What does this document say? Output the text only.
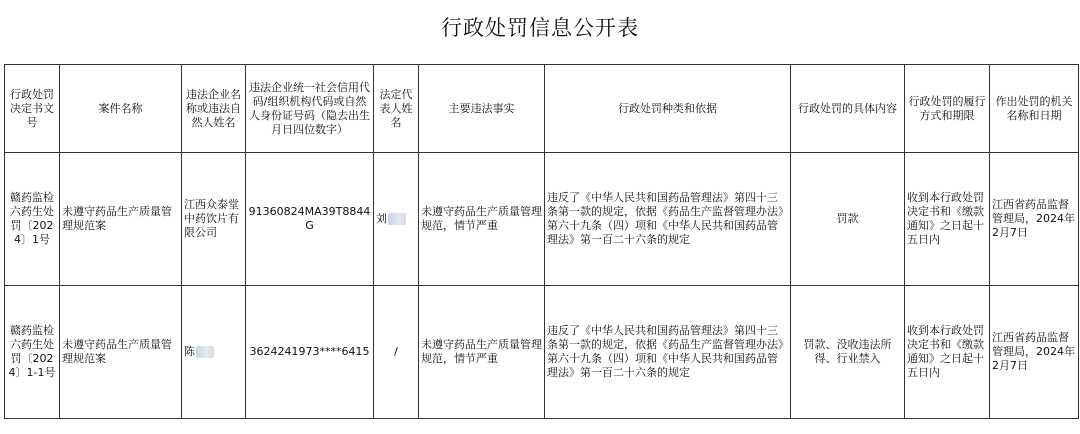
行政处罚信息公开表
行政处罚决定书文号	案件名称	违法企业名称或违法自然人姓名	违法企业统一社会信用代码/组织机构代码或自然人身份证号码（隐去出生月日四位数字）	法定代表人姓名	主要违法事实	行政处罚种类和依据	行政处罚的具体内容	行政处罚的履行方式和期限	作出处罚的机关名称和日期
赣药监检六药生处罚〔2024〕1号	未遵守药品生产质量管理规范案	江西众泰堂中药饮片有限公司	91360824MA39T8844G	刘	未遵守药品生产质量管理规范，情节严重	违反了《中华人民共和国药品管理法》第四十三条第一款的规定，依据《药品生产监督管理办法》第六十九条（四）项和《中华人民共和国药品管理法》第一百二十六条的规定	罚款	收到本行政处罚决定书和《缴款通知》之日起十五日内	江西省药品监督管理局，2024年2月7日
赣药监检六药生处罚〔2024〕1-1号	未遵守药品生产质量管理规范案	陈	3624241973****6415	/	未遵守药品生产质量管理规范，情节严重	违反了《中华人民共和国药品管理法》第四十三条第一款的规定，依据《药品生产监督管理办法》第六十九条（四）项和《中华人民共和国药品管理法》第一百二十六条的规定	罚款、没收违法所得、行业禁入	收到本行政处罚决定书和《缴款通知》之日起十五日内	江西省药品监督管理局，2024年2月7日
